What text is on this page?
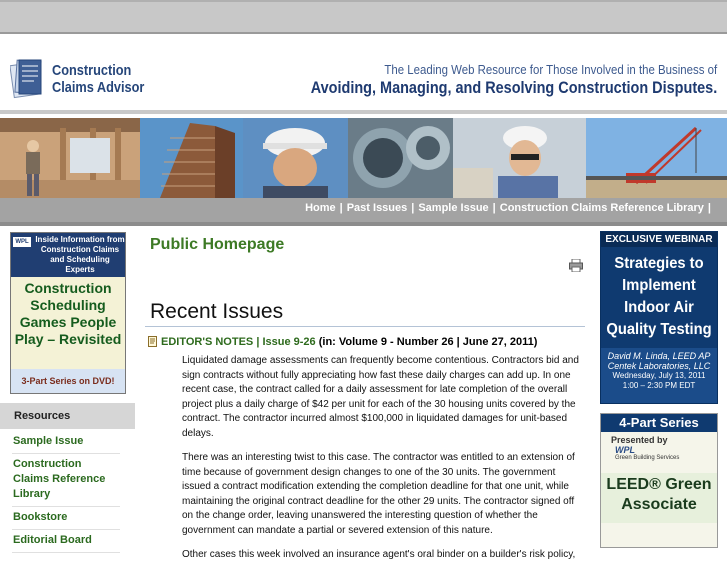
Construction
Claims Advisor
The Leading Web Resource for Those Involved in the Business of
Avoiding, Managing, and Resolving Construction Disputes.
Home | Past Issues | Sample Issue | Construction Claims Reference Library |
WPL Inside Information from Construction Claims and Scheduling Experts
Construction Scheduling Games People Play – Revisited
3-Part Series on DVD!
Resources
Sample Issue
Construction Claims Reference Library
Bookstore
Editorial Board
Public Homepage
Recent Issues
EDITOR'S NOTES | Issue 9-26 (in: Volume 9 - Number 26 | June 27, 2011)

Liquidated damage assessments can frequently become contentious. Contractors bid and sign contracts without fully appreciating how fast these daily charges can add up. In one recent case, the contract called for a daily assessment for late completion of the overall project plus a daily charge of $42 per unit for each of the 30 housing units covered by the contract. The contractor incurred almost $100,000 in liquidated damages for unit-based delays.

There was an interesting twist to this case. The contractor was entitled to an extension of time because of government design changes to one of the 30 units. The government issued a contract modification extending the completion deadline for that one unit, while maintaining the original contract deadline for the other 29 units. The contractor signed off on the change order, leaving unanswered the interesting question of whether the government can mandate a partial or severed extension of this nature.

Other cases this week involved an insurance agent's oral binder on a builder's risk policy,

EXCLUSIVE WEBINAR
Strategies to Implement Indoor Air Quality Testing
David M. Linda, LEED AP
Centek Laboratories, LLC
Wednesday, July 13, 2011
1:00 – 2:30 PM EDT
4-Part Series
Presented by
WPL
Green Building Services
LEED® Green Associate
